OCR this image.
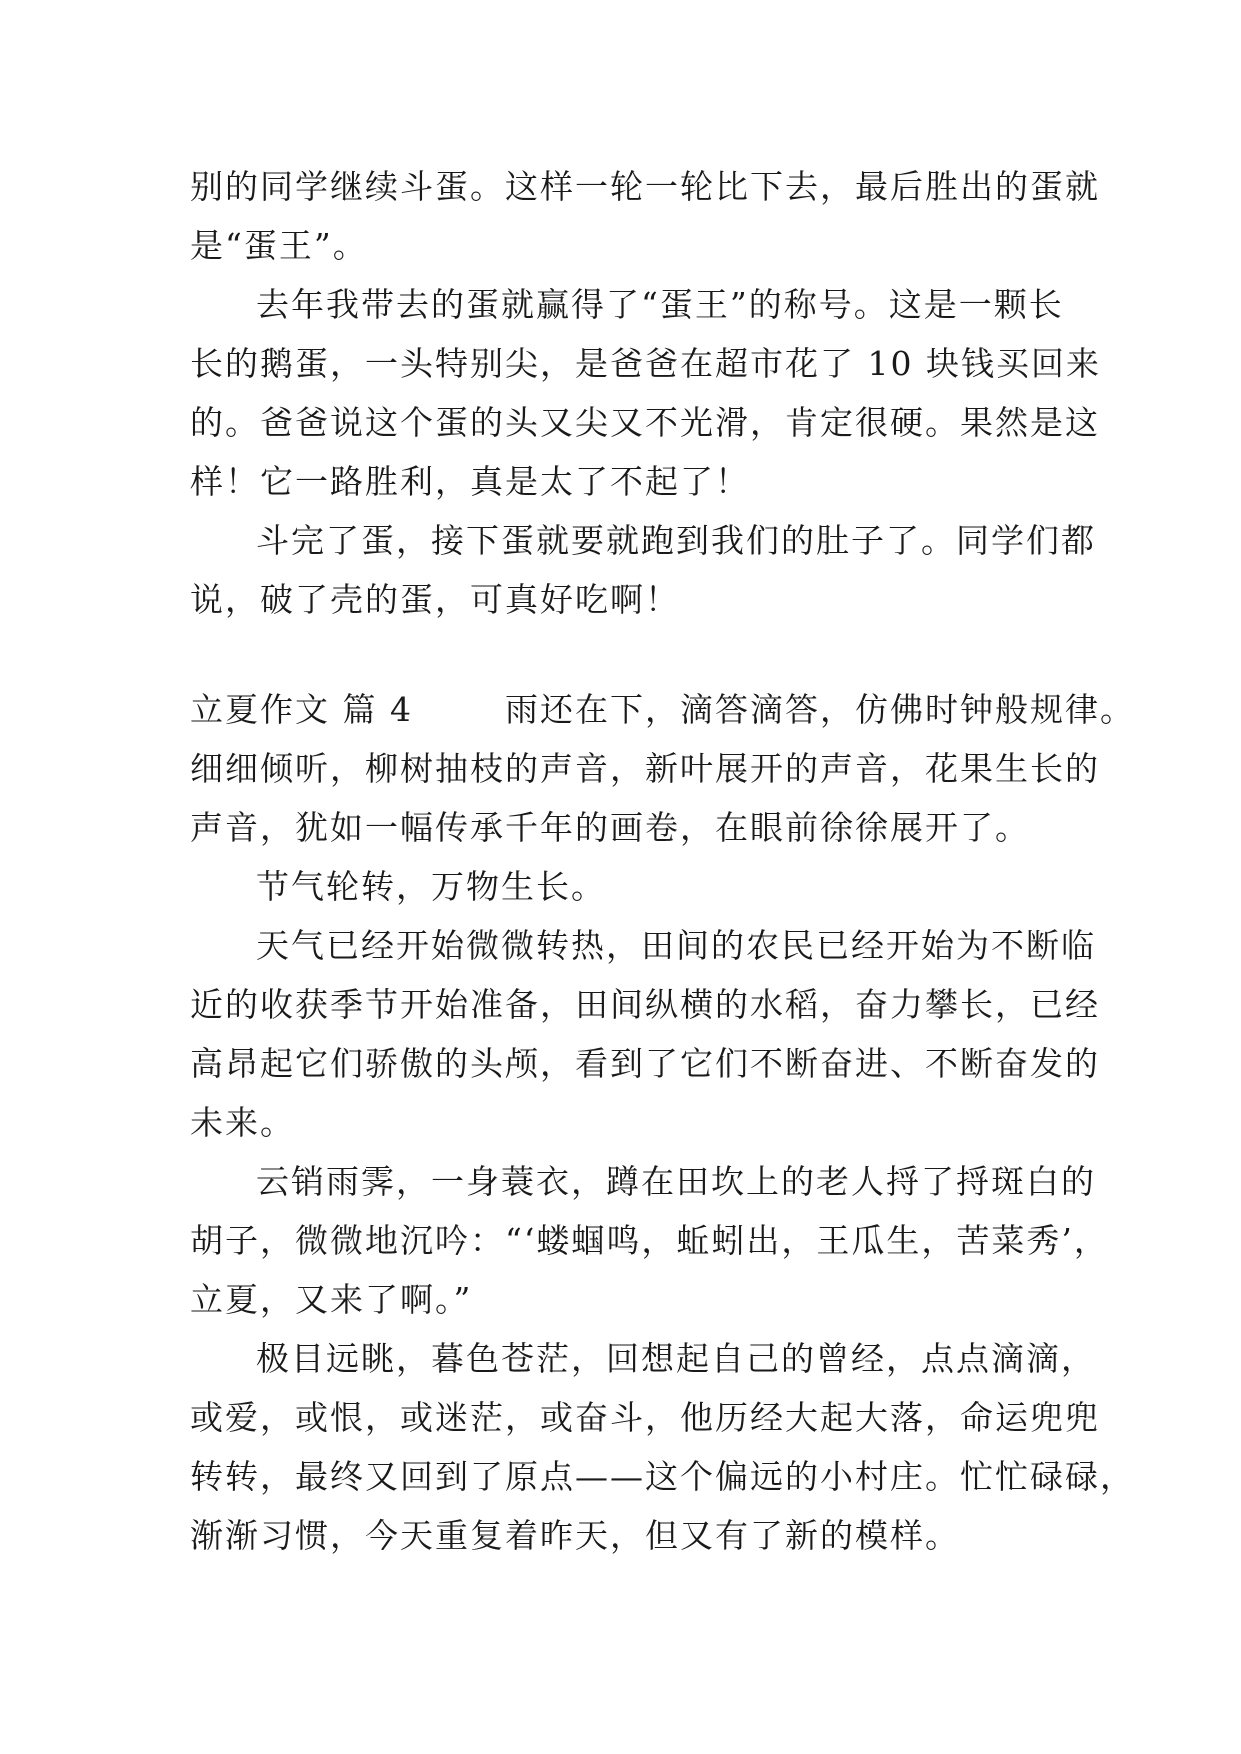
别的同学继续斗蛋。这样一轮一轮比下去，最后胜出的蛋就
是“蛋王”。
去年我带去的蛋就赢得了“蛋王”的称号。这是一颗长
长的鹅蛋，一头特别尖，是爸爸在超市花了 10 块钱买回来
的。爸爸说这个蛋的头又尖又不光滑，肯定很硬。果然是这
样！它一路胜利，真是太了不起了！
斗完了蛋，接下蛋就要就跑到我们的肚子了。同学们都
说，破了壳的蛋，可真好吃啊！
立夏作文 篇 4	雨还在下，滴答滴答，仿佛时钟般规律。
细细倾听，柳树抽枝的声音，新叶展开的声音，花果生长的
声音，犹如一幅传承千年的画卷，在眼前徐徐展开了。
节气轮转，万物生长。
天气已经开始微微转热，田间的农民已经开始为不断临
近的收获季节开始准备，田间纵横的水稻，奋力攀长，已经
高昂起它们骄傲的头颅，看到了它们不断奋进、不断奋发的
未来。
云销雨霁，一身蓑衣，蹲在田坎上的老人捋了捋斑白的
胡子，微微地沉吟：“‘蝼蝈鸣，蚯蚓出，王瓜生，苦菜秀’，
立夏，又来了啊。”
极目远眺，暮色苍茫，回想起自己的曾经，点点滴滴，
或爱，或恨，或迷茫，或奋斗，他历经大起大落，命运兜兜
转转，最终又回到了原点——这个偏远的小村庄。忙忙碌碌，
渐渐习惯，今天重复着昨天，但又有了新的模样。
